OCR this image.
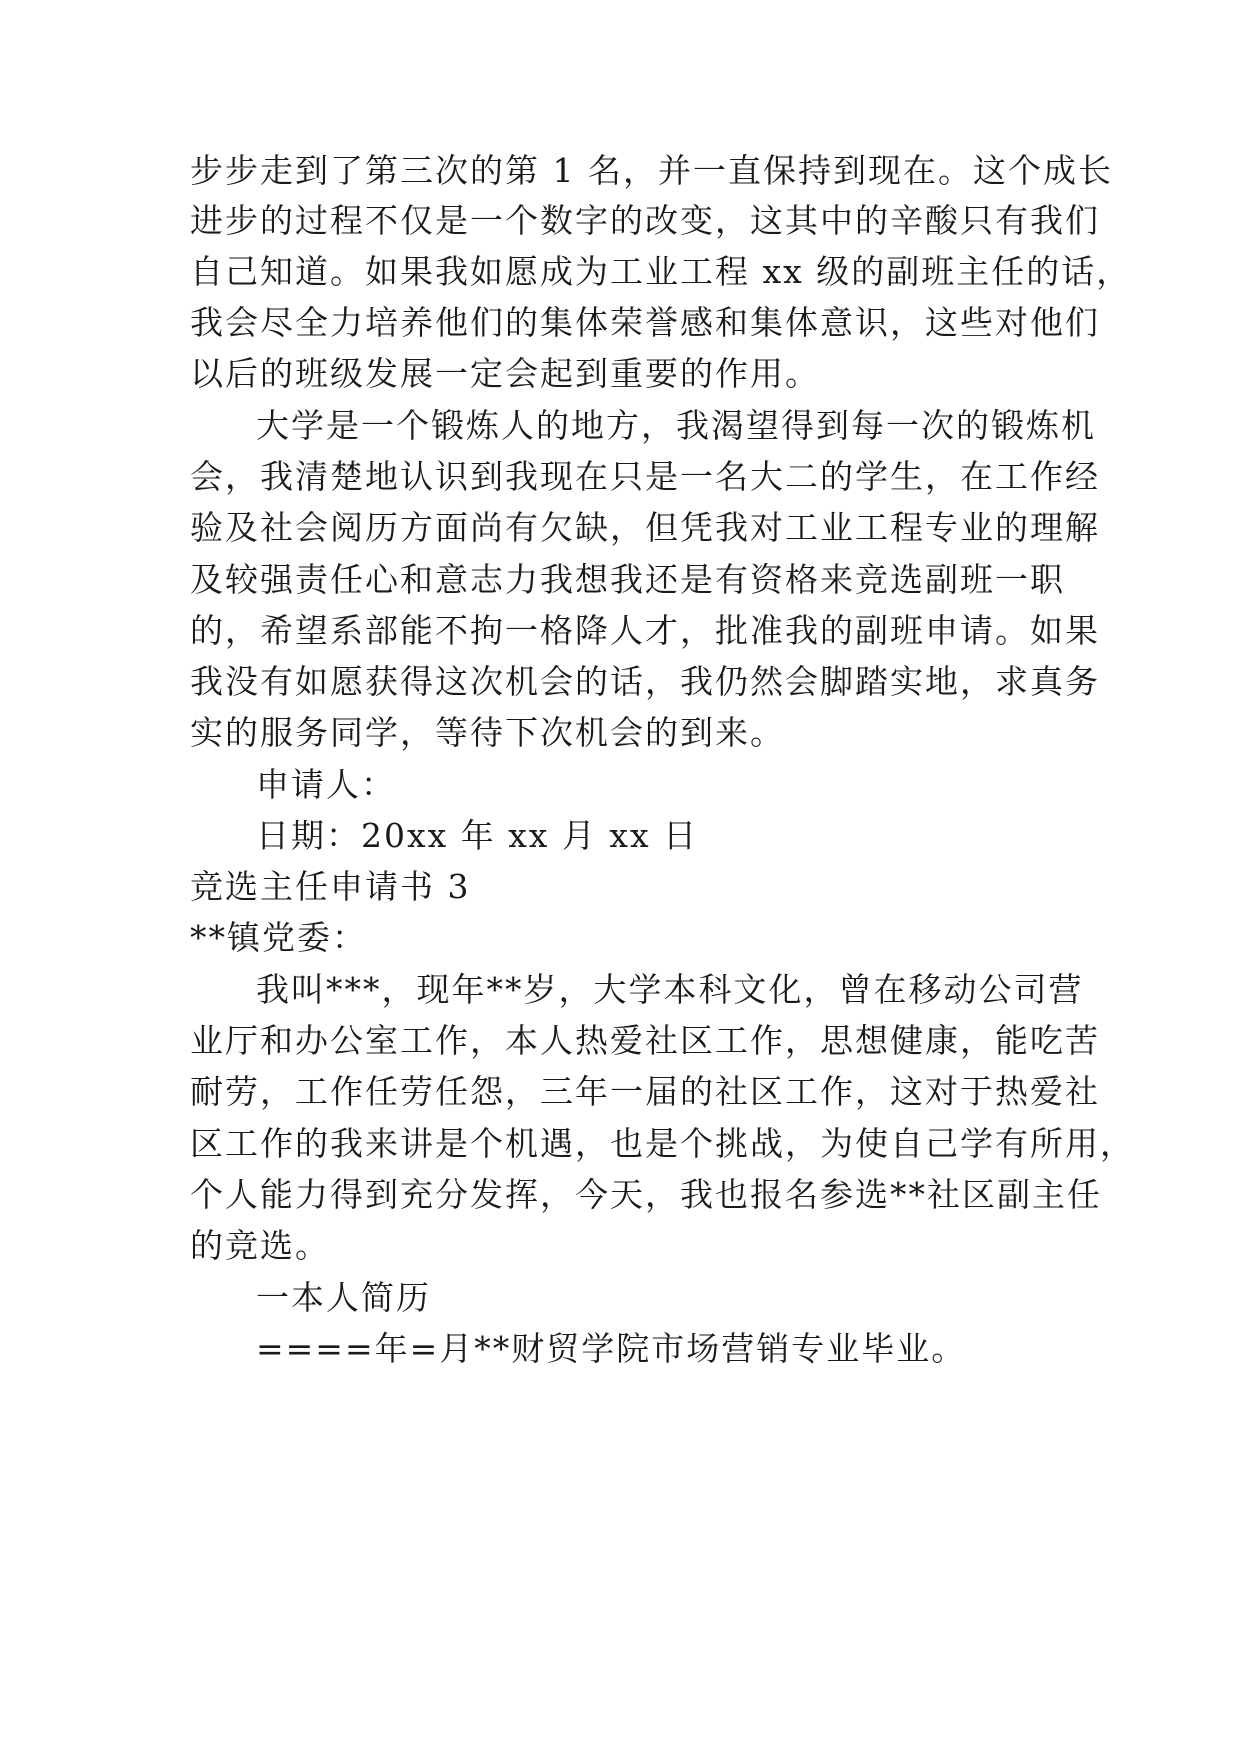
步步走到了第三次的第 1 名，并一直保持到现在。这个成长
进步的过程不仅是一个数字的改变，这其中的辛酸只有我们
自己知道。如果我如愿成为工业工程 xx 级的副班主任的话，
我会尽全力培养他们的集体荣誉感和集体意识，这些对他们
以后的班级发展一定会起到重要的作用。
大学是一个锻炼人的地方，我渴望得到每一次的锻炼机
会，我清楚地认识到我现在只是一名大二的学生，在工作经
验及社会阅历方面尚有欠缺，但凭我对工业工程专业的理解
及较强责任心和意志力我想我还是有资格来竞选副班一职
的，希望系部能不拘一格降人才，批准我的副班申请。如果
我没有如愿获得这次机会的话，我仍然会脚踏实地，求真务
实的服务同学，等待下次机会的到来。
申请人：
日期：20xx 年 xx 月 xx 日
竞选主任申请书 3
**镇党委：
我叫***，现年**岁，大学本科文化，曾在移动公司营
业厅和办公室工作，本人热爱社区工作，思想健康，能吃苦
耐劳，工作任劳任怨，三年一届的社区工作，这对于热爱社
区工作的我来讲是个机遇，也是个挑战，为使自己学有所用，
个人能力得到充分发挥，今天，我也报名参选**社区副主任
的竞选。
一本人简历
====年=月**财贸学院市场营销专业毕业。
